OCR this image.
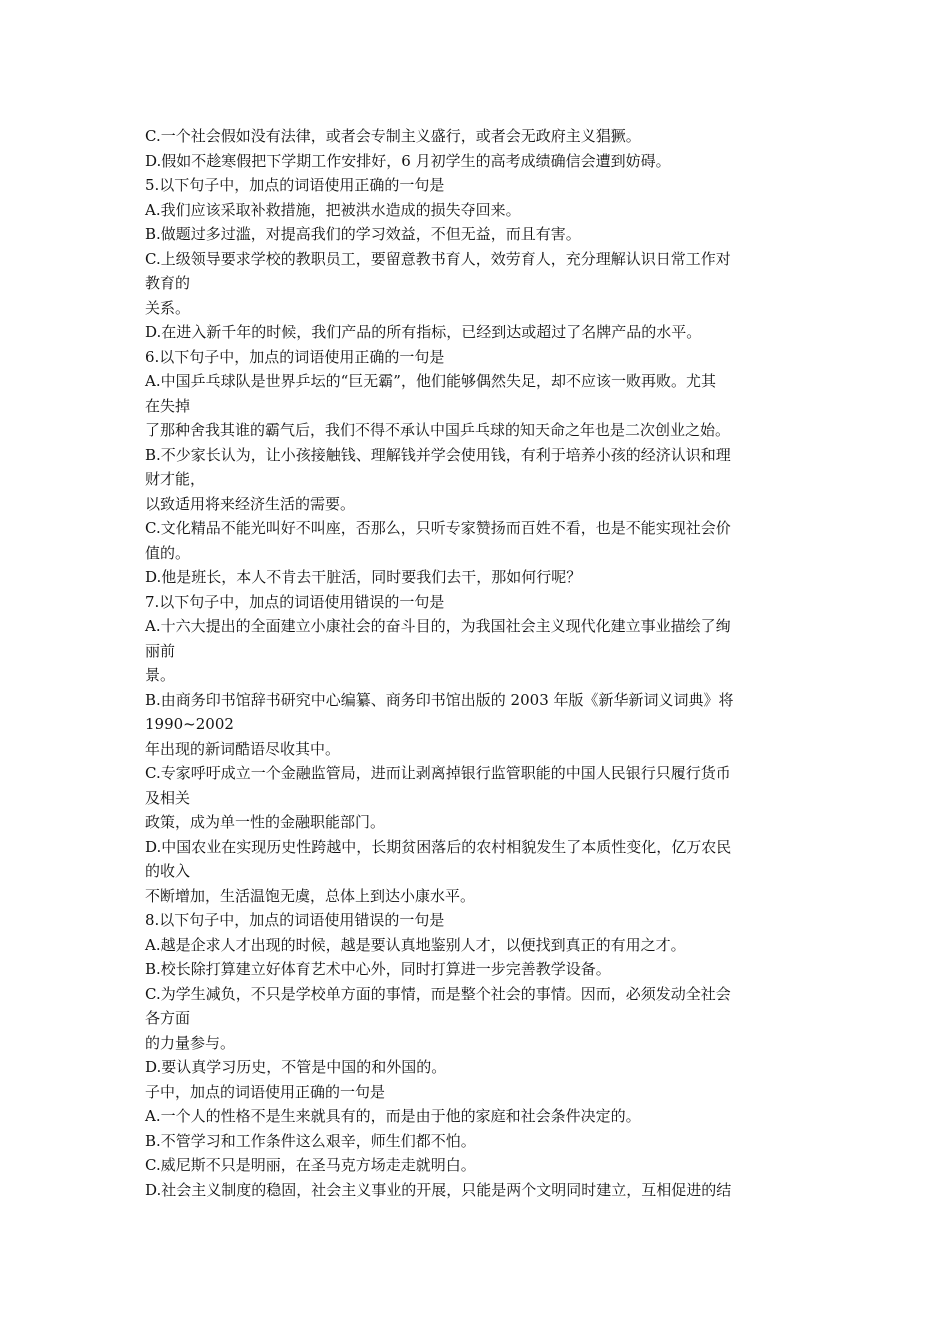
C.一个社会假如没有法律，或者会专制主义盛行，或者会无政府主义猖獗。
D.假如不趁寒假把下学期工作安排好，6 月初学生的高考成绩确信会遭到妨碍。
5.以下句子中，加点的词语使用正确的一句是
A.我们应该采取补救措施，把被洪水造成的损失夺回来。
B.做题过多过滥，对提高我们的学习效益，不但无益，而且有害。
C.上级领导要求学校的教职员工，要留意教书育人，效劳育人，充分理解认识日常工作对
教育的
关系。
D.在进入新千年的时候，我们产品的所有指标，已经到达或超过了名牌产品的水平。
6.以下句子中，加点的词语使用正确的一句是
A.中国乒乓球队是世界乒坛的“巨无霸”，他们能够偶然失足，却不应该一败再败。尤其
在失掉
了那种舍我其谁的霸气后，我们不得不承认中国乒乓球的知天命之年也是二次创业之始。
B.不少家长认为，让小孩接触钱、理解钱并学会使用钱，有利于培养小孩的经济认识和理
财才能，
以致适用将来经济生活的需要。
C.文化精品不能光叫好不叫座，否那么，只听专家赞扬而百姓不看，也是不能实现社会价
值的。
D.他是班长，本人不肯去干脏活，同时要我们去干，那如何行呢？
7.以下句子中，加点的词语使用错误的一句是
A.十六大提出的全面建立小康社会的奋斗目的，为我国社会主义现代化建立事业描绘了绚
丽前
景。
B.由商务印书馆辞书研究中心编纂、商务印书馆出版的 2003 年版《新华新词义词典》将
1990~2002
年出现的新词酷语尽收其中。
C.专家呼吁成立一个金融监管局，进而让剥离掉银行监管职能的中国人民银行只履行货币
及相关
政策，成为单一性的金融职能部门。
D.中国农业在实现历史性跨越中，长期贫困落后的农村相貌发生了本质性变化，亿万农民
的收入
不断增加，生活温饱无虞，总体上到达小康水平。
8.以下句子中，加点的词语使用错误的一句是
A.越是企求人才出现的时候，越是要认真地鉴别人才，以便找到真正的有用之才。
B.校长除打算建立好体育艺术中心外，同时打算进一步完善教学设备。
C.为学生减负，不只是学校单方面的事情，而是整个社会的事情。因而，必须发动全社会
各方面
的力量参与。
D.要认真学习历史，不管是中国的和外国的。
子中，加点的词语使用正确的一句是
A.一个人的性格不是生来就具有的，而是由于他的家庭和社会条件决定的。
B.不管学习和工作条件这么艰辛，师生们都不怕。
C.威尼斯不只是明丽，在圣马克方场走走就明白。
D.社会主义制度的稳固，社会主义事业的开展，只能是两个文明同时建立，互相促进的结
